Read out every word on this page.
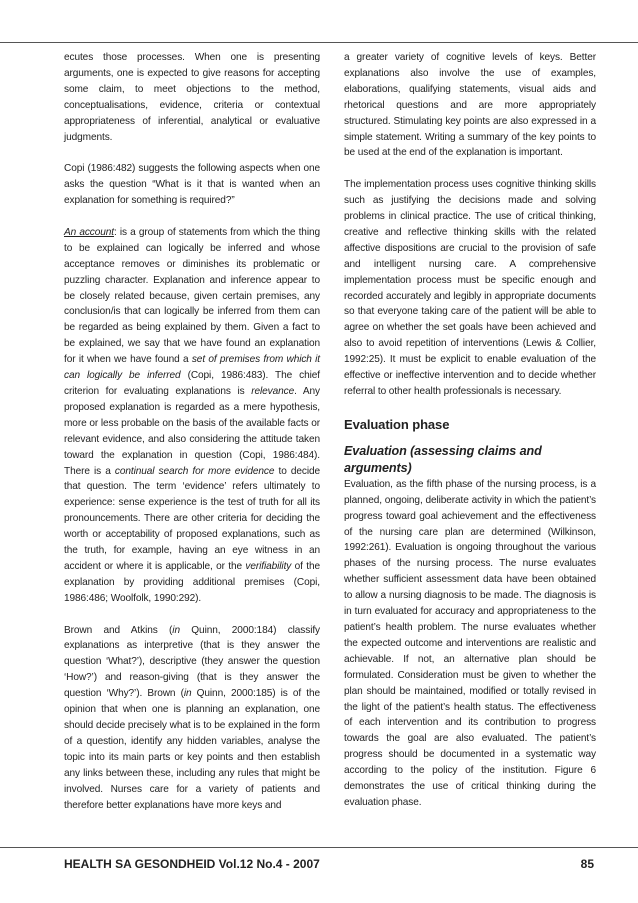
ecutes those processes. When one is presenting arguments, one is expected to give reasons for accepting some claim, to meet objections to the method, conceptualisations, evidence, criteria or contextual appropriateness of inferential, analytical or evaluative judgments.

Copi (1986:482) suggests the following aspects when one asks the question “What is it that is wanted when an explanation for something is required?”

An account: is a group of statements from which the thing to be explained can logically be inferred and whose acceptance removes or diminishes its problematic or puzzling character. Explanation and inference appear to be closely related because, given certain premises, any conclusion/is that can logically be inferred from them can be regarded as being explained by them. Given a fact to be explained, we say that we have found an explanation for it when we have found a set of premises from which it can logically be inferred (Copi, 1986:483). The chief criterion for evaluating explanations is relevance. Any proposed explanation is regarded as a mere hypothesis, more or less probable on the basis of the available facts or relevant evidence, and also considering the attitude taken toward the explanation in question (Copi, 1986:484). There is a continual search for more evidence to decide that question. The term ‘evidence’ refers ultimately to experience: sense experience is the test of truth for all its pronouncements. There are other criteria for deciding the worth or acceptability of proposed explanations, such as the truth, for example, having an eye witness in an accident or where it is applicable, or the verifiability of the explanation by providing additional premises (Copi, 1986:486; Woolfolk, 1990:292).

Brown and Atkins (in Quinn, 2000:184) classify explanations as interpretive (that is they answer the question ‘What?’), descriptive (they answer the question ‘How?’) and reason-giving (that is they answer the question ‘Why?’). Brown (in Quinn, 2000:185) is of the opinion that when one is planning an explanation, one should decide precisely what is to be explained in the form of a question, identify any hidden variables, analyse the topic into its main parts or key points and then establish any links between these, including any rules that might be involved. Nurses care for a variety of patients and therefore better explanations have more keys and

a greater variety of cognitive levels of keys. Better explanations also involve the use of examples, elaborations, qualifying statements, visual aids and rhetorical questions and are more appropriately structured. Stimulating key points are also expressed in a simple statement. Writing a summary of the key points to be used at the end of the explanation is important.

The implementation process uses cognitive thinking skills such as justifying the decisions made and solving problems in clinical practice. The use of critical thinking, creative and reflective thinking skills with the related affective dispositions are crucial to the provision of safe and intelligent nursing care. A comprehensive implementation process must be specific enough and recorded accurately and legibly in appropriate documents so that everyone taking care of the patient will be able to agree on whether the set goals have been achieved and also to avoid repetition of interventions (Lewis & Collier, 1992:25). It must be explicit to enable evaluation of the effective or ineffective intervention and to decide whether referral to other health professionals is necessary.

Evaluation phase
Evaluation (assessing claims and arguments)

Evaluation, as the fifth phase of the nursing process, is a planned, ongoing, deliberate activity in which the patient’s progress toward goal achievement and the effectiveness of the nursing care plan are determined (Wilkinson, 1992:261). Evaluation is ongoing throughout the various phases of the nursing process. The nurse evaluates whether sufficient assessment data have been obtained to allow a nursing diagnosis to be made. The diagnosis is in turn evaluated for accuracy and appropriateness to the patient’s health problem. The nurse evaluates whether the expected outcome and interventions are realistic and achievable. If not, an alternative plan should be formulated. Consideration must be given to whether the plan should be maintained, modified or totally revised in the light of the patient’s health status. The effectiveness of each intervention and its contribution to progress towards the goal are also evaluated. The patient’s progress should be documented in a systematic way according to the policy of the institution. Figure 6 demonstrates the use of critical thinking during the evaluation phase.

HEALTH SA GESONDHEID Vol.12 No.4 - 2007	85
